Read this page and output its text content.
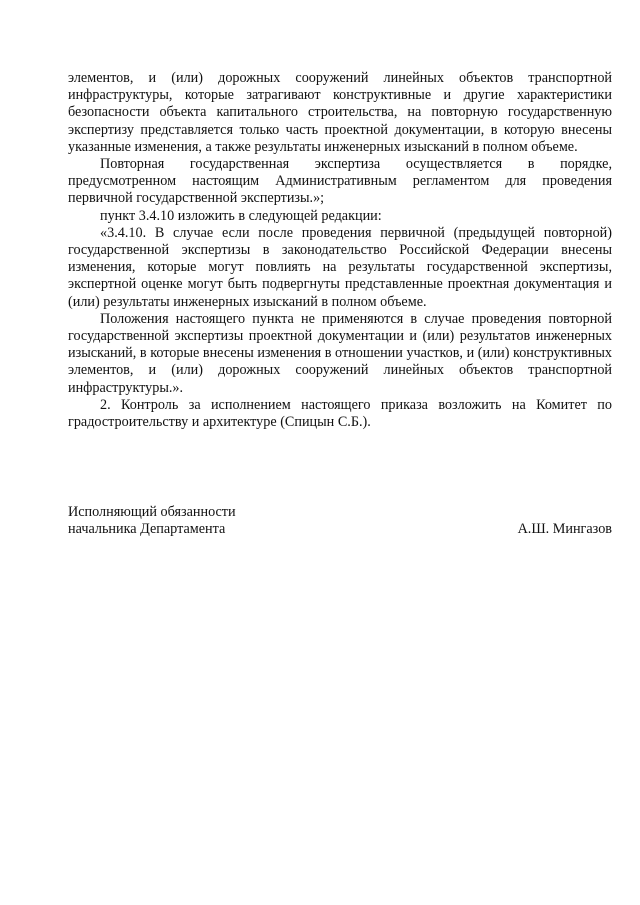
элементов, и (или) дорожных сооружений линейных объектов транспортной инфраструктуры, которые затрагивают конструктивные и другие характеристики безопасности объекта капитального строительства, на повторную государственную экспертизу представляется только часть проектной документации, в которую внесены указанные изменения, а также результаты инженерных изысканий в полном объеме.

Повторная государственная экспертиза осуществляется в порядке, предусмотренном настоящим Административным регламентом для проведения первичной государственной экспертизы.»;

пункт 3.4.10 изложить в следующей редакции:

«3.4.10. В случае если после проведения первичной (предыдущей повторной) государственной экспертизы в законодательство Российской Федерации внесены изменения, которые могут повлиять на результаты государственной экспертизы, экспертной оценке могут быть подвергнуты представленные проектная документация и (или) результаты инженерных изысканий в полном объеме.

Положения настоящего пункта не применяются в случае проведения повторной государственной экспертизы проектной документации и (или) результатов инженерных изысканий, в которые внесены изменения в отношении участков, и (или) конструктивных элементов, и (или) дорожных сооружений линейных объектов транспортной инфраструктуры.».

2. Контроль за исполнением настоящего приказа возложить на Комитет по градостроительству и архитектуре (Спицын С.Б.).

Исполняющий обязанности
начальника Департамента	А.Ш. Мингазов
